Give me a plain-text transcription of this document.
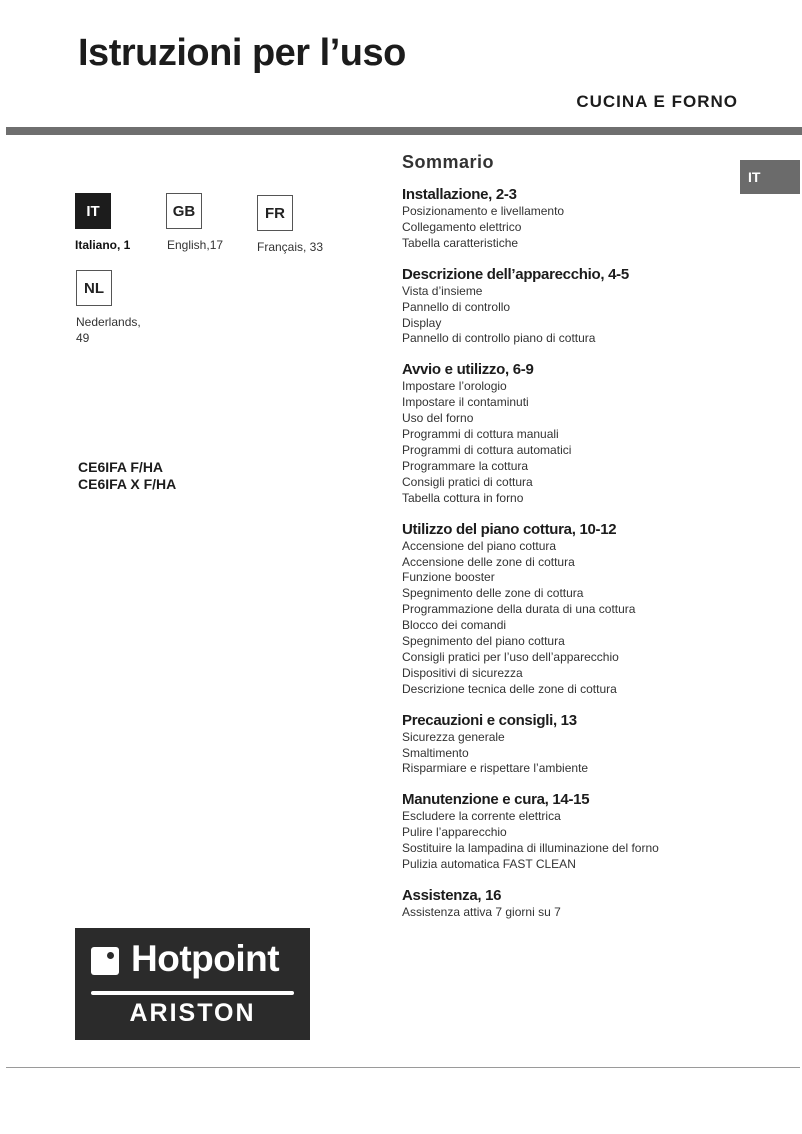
Istruzioni per l’uso
CUCINA E FORNO
IT
IT
Italiano, 1
GB
English,17
FR
Français, 33
NL
Nederlands,
49
CE6IFA F/HA
CE6IFA X F/HA
Sommario
Installazione, 2-3
Posizionamento e livellamento
Collegamento elettrico
Tabella caratteristiche
Descrizione dell’apparecchio, 4-5
Vista d’insieme
Pannello di controllo
Display
Pannello di controllo piano di cottura
Avvio e utilizzo, 6-9
Impostare l’orologio
Impostare il contaminuti
Uso del forno
Programmi di cottura manuali
Programmi di cottura automatici
Programmare la cottura
Consigli pratici di cottura
Tabella cottura in forno
Utilizzo del piano cottura, 10-12
Accensione del piano cottura
Accensione delle zone di cottura
Funzione booster
Spegnimento delle zone di cottura
Programmazione della durata di una cottura
Blocco dei comandi
Spegnimento del piano cottura
Consigli pratici per l’uso dell’apparecchio
Dispositivi di sicurezza
Descrizione tecnica delle zone di cottura
Precauzioni e consigli, 13
Sicurezza generale
Smaltimento
Risparmiare e rispettare l’ambiente
Manutenzione e cura, 14-15
Escludere la corrente elettrica
Pulire l’apparecchio
Sostituire la lampadina di illuminazione del forno
Pulizia automatica FAST CLEAN
Assistenza, 16
Assistenza attiva 7 giorni su 7
Hotpoint
ARISTON
